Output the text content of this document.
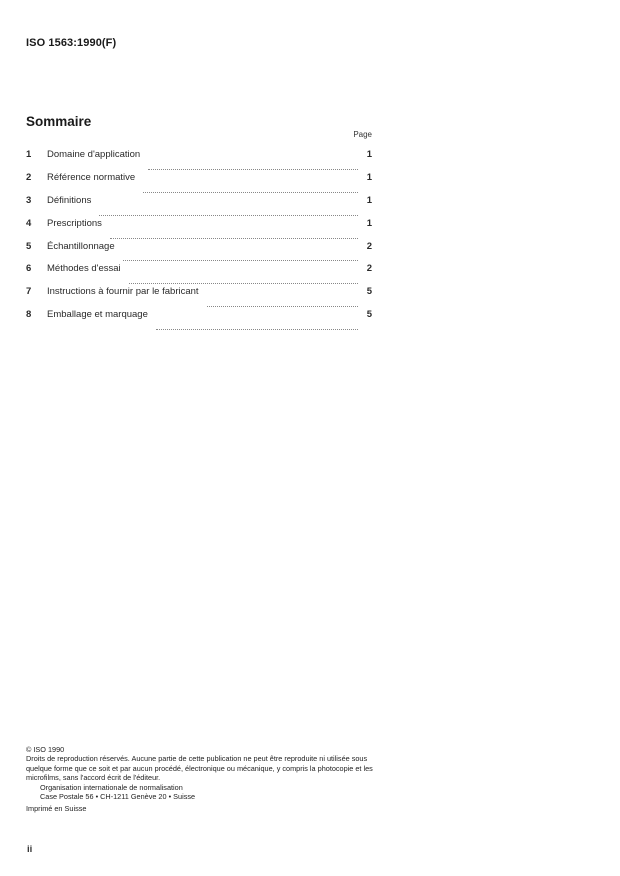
ISO 1563:1990(F)
Sommaire
Page
1	Domaine d'application	1
2	Référence normative	1
3	Définitions	1
4	Prescriptions	1
5	Échantillonnage	2
6	Méthodes d'essai	2
7	Instructions à fournir par le fabricant	5
8	Emballage et marquage	5
© ISO 1990
Droits de reproduction réservés. Aucune partie de cette publication ne peut être reproduite ni utilisée sous quelque forme que ce soit et par aucun procédé, électronique ou mécanique, y compris la photocopie et les microfilms, sans l'accord écrit de l'éditeur.
Organisation internationale de normalisation
Case Postale 56 • CH-1211 Genève 20 • Suisse
Imprimé en Suisse
ii
